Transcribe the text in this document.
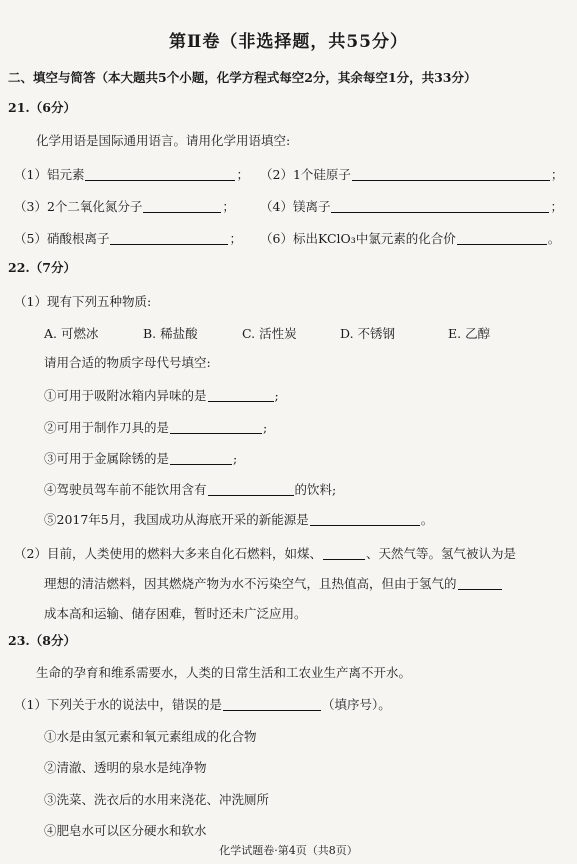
第Ⅱ卷（非选择题，共55分）
二、填空与简答（本大题共5个小题，化学方程式每空2分，其余每空1分，共33分）
21.（6分）
化学用语是国际通用语言。请用化学用语填空:
（1）铝元素	； （2）1个硅原子	；
（3）2个二氧化氮分子	； （4）镁离子	；
（5）硝酸根离子	； （6）标出KClO₃中氯元素的化合价	。
22.（7分）
（1）现有下列五种物质:
A. 可燃冰	B. 稀盐酸	C. 活性炭	D. 不锈钢	E. 乙醇
请用合适的物质字母代号填空:
①可用于吸附冰箱内异味的是	;
②可用于制作刀具的是	;
③可用于金属除锈的是	;
④驾驶员驾车前不能饮用含有	的饮料;
⑤2017年5月，我国成功从海底开采的新能源是	。
（2）目前，人类使用的燃料大多来自化石燃料，如煤、	、天然气等。氢气被认为是
理想的清洁燃料，因其燃烧产物为水不污染空气，且热值高，但由于氢气的
成本高和运输、储存困难，暂时还未广泛应用。
23.（8分）
生命的孕育和维系需要水，人类的日常生活和工农业生产离不开水。
（1）下列关于水的说法中，错误的是	（填序号）。
①水是由氢元素和氧元素组成的化合物
②清澈、透明的泉水是纯净物
③洗菜、洗衣后的水用来浇花、冲洗厕所
④肥皂水可以区分硬水和软水
化学试题卷·第4页（共8页）
